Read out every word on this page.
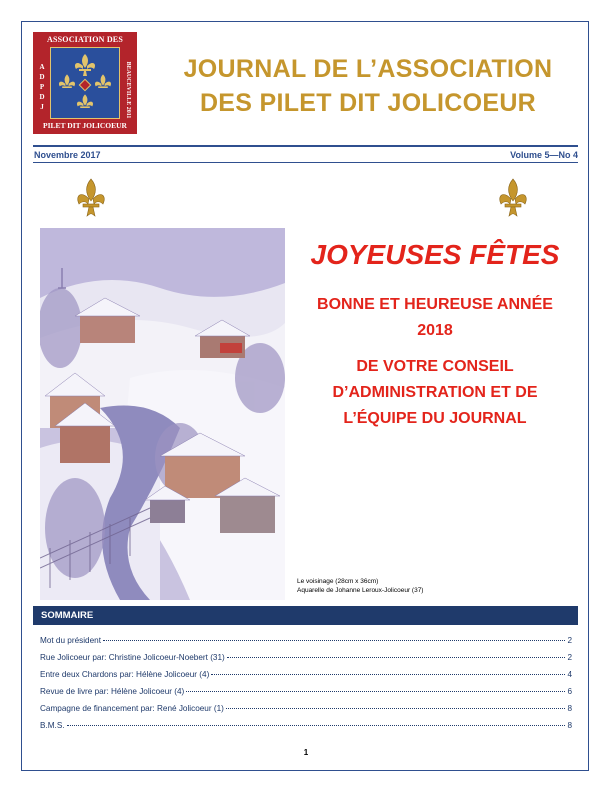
ASSOCIATION DES
ADPDJ	BEAUCEVILLE 2011
PILET DIT JOLICOEUR
JOURNAL DE L’ASSOCIATION
DES PILET DIT JOLICOEUR
Novembre 2017	Volume 5—No 4
JOYEUSES FÊTES
BONNE ET HEUREUSE ANNÉE
2018
DE VOTRE CONSEIL
D’ADMINISTRATION ET DE
L’ÉQUIPE DU JOURNAL
Le voisinage (28cm x 36cm)
Aquarelle de Johanne Leroux-Jolicoeur (37)
SOMMAIRE
Mot du président	2
Rue Jolicoeur par: Christine Jolicoeur-Noebert (31)	2
Entre deux Chardons par: Hélène Jolicoeur (4)	4
Revue de livre par: Hélène Jolicoeur (4)	6
Campagne de financement par: René Jolicoeur (1)	8
B.M.S.	8
1
